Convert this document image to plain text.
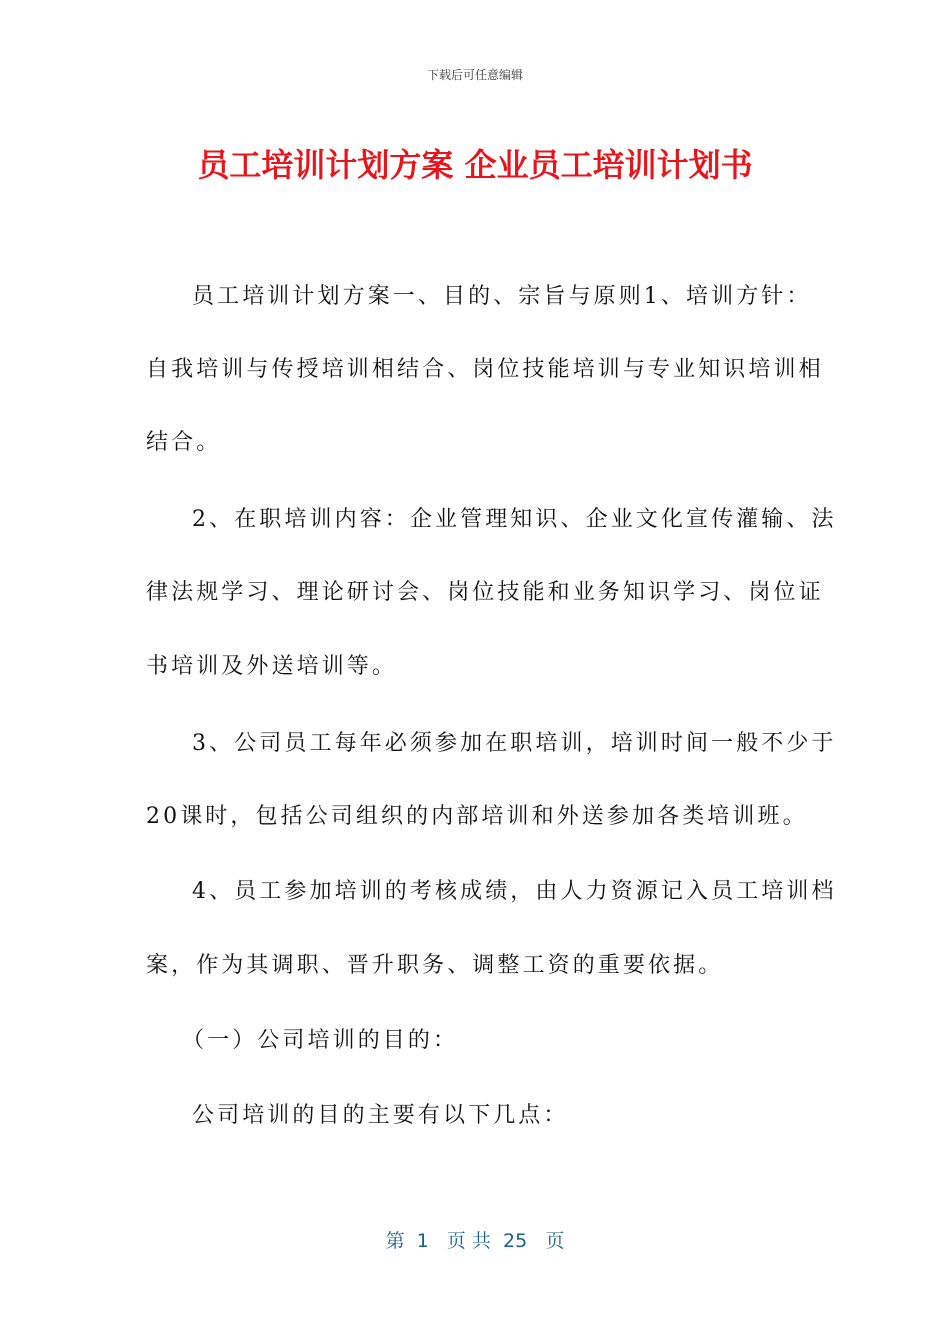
下载后可任意编辑
员工培训计划方案 企业员工培训计划书
员工培训计划方案一、目的、宗旨与原则1、培训方针：
自我培训与传授培训相结合、岗位技能培训与专业知识培训相
结合。
2、在职培训内容：企业管理知识、企业文化宣传灌输、法
律法规学习、理论研讨会、岗位技能和业务知识学习、岗位证
书培训及外送培训等。
3、公司员工每年必须参加在职培训，培训时间一般不少于
20课时，包括公司组织的内部培训和外送参加各类培训班。
4、员工参加培训的考核成绩，由人力资源记入员工培训档
案，作为其调职、晋升职务、调整工资的重要依据。
（一）公司培训的目的：
公司培训的目的主要有以下几点：
第  1   页 共  25   页
